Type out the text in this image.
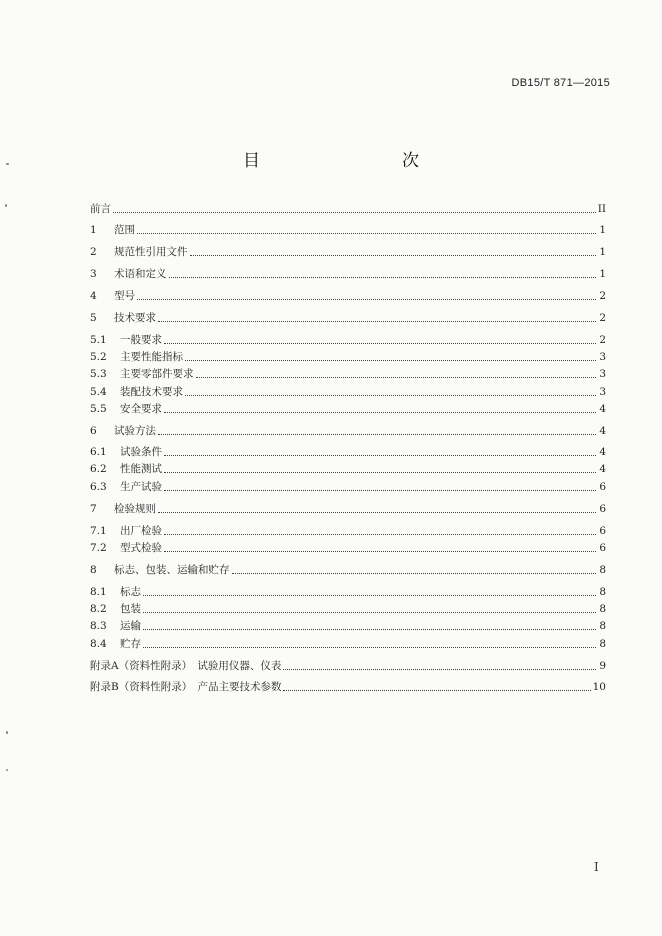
DB15/T 871—2015
目　　次
前言	II
1	范围	1
2	规范性引用文件	1
3	术语和定义	1
4	型号	2
5	技术要求	2
5.1	一般要求	2
5.2	主要性能指标	3
5.3	主要零部件要求	3
5.4	装配技术要求	3
5.5	安全要求	4
6	试验方法	4
6.1	试验条件	4
6.2	性能测试	4
6.3	生产试验	6
7	检验规则	6
7.1	出厂检验	6
7.2	型式检验	6
8	标志、包装、运输和贮存	8
8.1	标志	8
8.2	包装	8
8.3	运输	8
8.4	贮存	8
附录A（资料性附录）　试验用仪器、仪表	9
附录B（资料性附录）　产品主要技术参数	10
I
